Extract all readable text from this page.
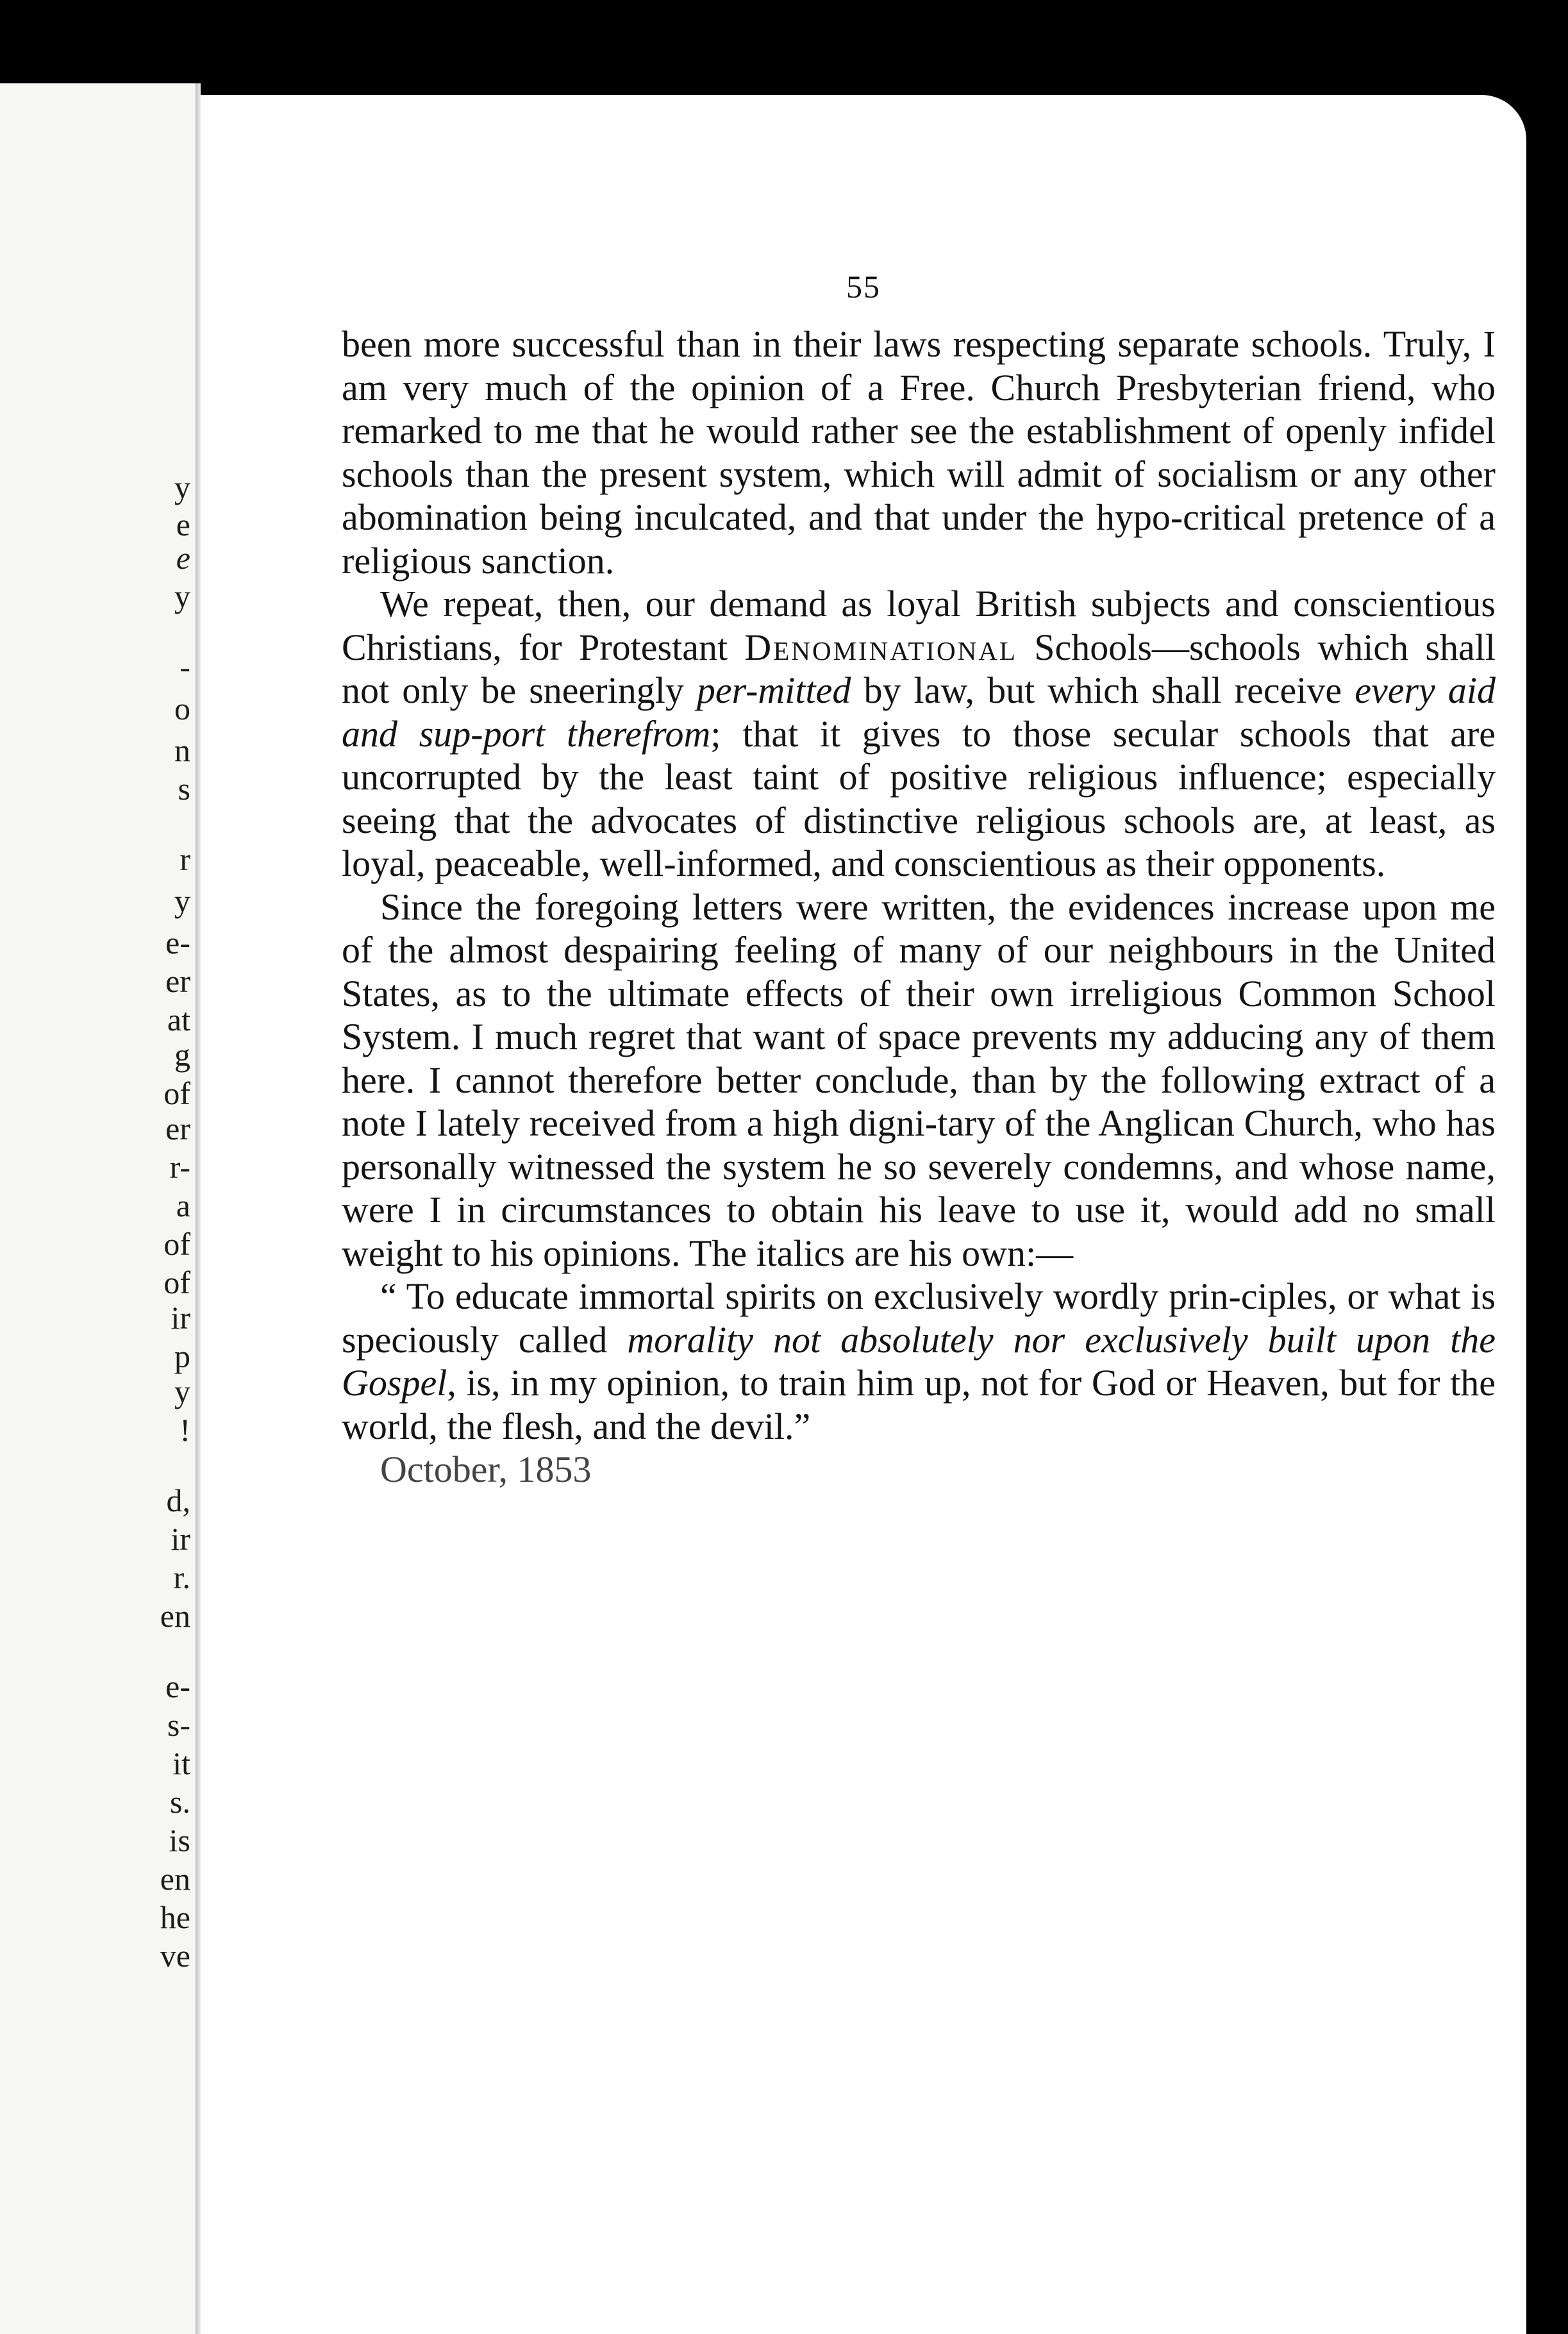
y
e
e
y
-
o
n
s
r
y
e-
er
at
g
of
er
r-
a
of
of
ir
p
y
!
d,
ir
r.
en
e-
s-
it
s.
is
en
he
ve
55

been more successful than in their laws respecting separate schools. Truly, I am very much of the opinion of a Free. Church Presbyterian friend, who remarked to me that he would rather see the establishment of openly infidel schools than the present system, which will admit of socialism or any other abomination being inculcated, and that under the hypo-critical pretence of a religious sanction.

We repeat, then, our demand as loyal British subjects and conscientious Christians, for Protestant Denominational Schools—schools which shall not only be sneeringly per-mitted by law, but which shall receive every aid and sup-port therefrom; that it gives to those secular schools that are uncorrupted by the least taint of positive religious influence; especially seeing that the advocates of distinctive religious schools are, at least, as loyal, peaceable, well-informed, and conscientious as their opponents.

Since the foregoing letters were written, the evidences increase upon me of the almost despairing feeling of many of our neighbours in the United States, as to the ultimate effects of their own irreligious Common School System. I much regret that want of space prevents my adducing any of them here. I cannot therefore better conclude, than by the following extract of a note I lately received from a high digni-tary of the Anglican Church, who has personally witnessed the system he so severely condemns, and whose name, were I in circumstances to obtain his leave to use it, would add no small weight to his opinions. The italics are his own:—

“ To educate immortal spirits on exclusively wordly prin-ciples, or what is speciously called morality not absolutely nor exclusively built upon the Gospel, is, in my opinion, to train him up, not for God or Heaven, but for the world, the flesh, and the devil.”

October, 1853
